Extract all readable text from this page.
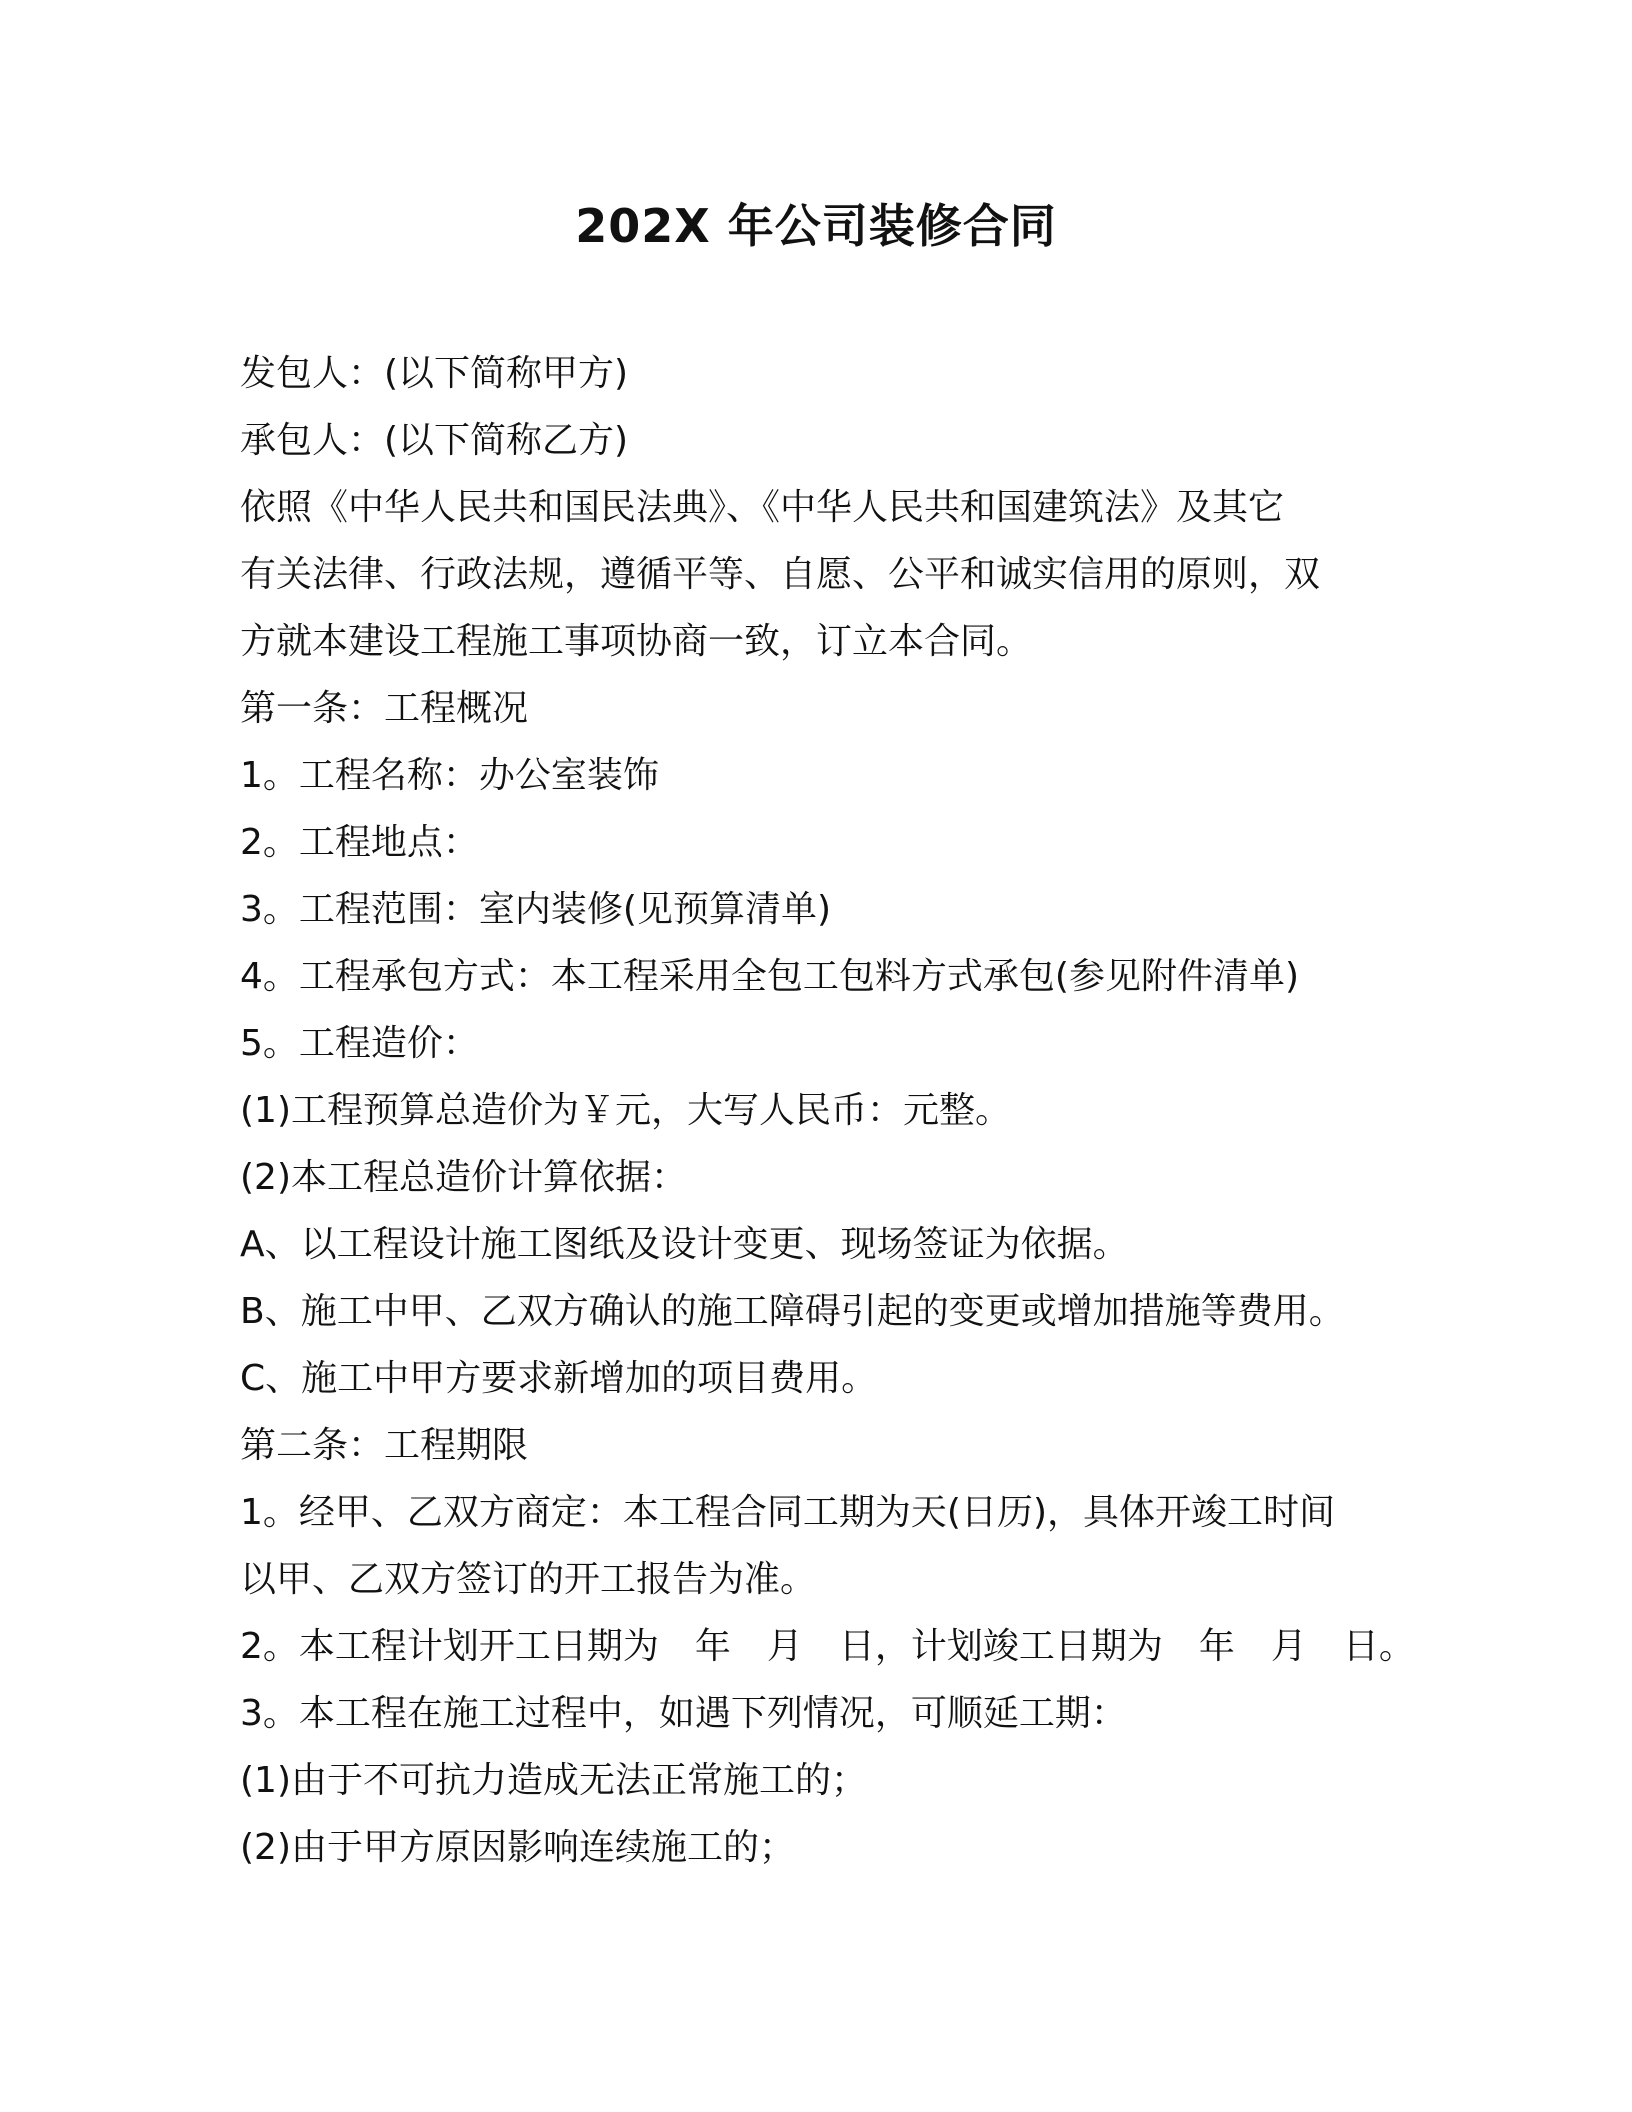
202X 年公司装修合同
发包人：(以下简称甲方)
承包人：(以下简称乙方)
依照《中华人民共和国民法典》、《中华人民共和国建筑法》及其它
有关法律、行政法规，遵循平等、自愿、公平和诚实信用的原则，双
方就本建设工程施工事项协商一致，订立本合同。
第一条：工程概况
1。工程名称：办公室装饰
2。工程地点：
3。工程范围：室内装修(见预算清单)
4。工程承包方式：本工程采用全包工包料方式承包(参见附件清单)
5。工程造价：
(1)工程预算总造价为￥元，大写人民币：元整。
(2)本工程总造价计算依据：
A、以工程设计施工图纸及设计变更、现场签证为依据。
B、施工中甲、乙双方确认的施工障碍引起的变更或增加措施等费用。
C、施工中甲方要求新增加的项目费用。
第二条：工程期限
1。经甲、乙双方商定：本工程合同工期为天(日历)，具体开竣工时间
以甲、乙双方签订的开工报告为准。
2。本工程计划开工日期为　年　月　日，计划竣工日期为　年　月　日。
3。本工程在施工过程中，如遇下列情况，可顺延工期：
(1)由于不可抗力造成无法正常施工的；
(2)由于甲方原因影响连续施工的；
